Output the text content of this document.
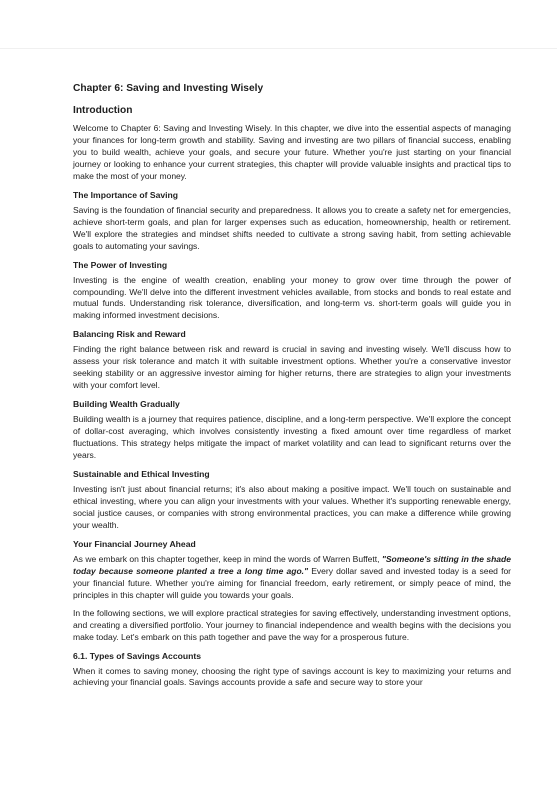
Chapter 6: Saving and Investing Wisely
Introduction

Welcome to Chapter 6: Saving and Investing Wisely. In this chapter, we dive into the essential aspects of managing your finances for long-term growth and stability. Saving and investing are two pillars of financial success, enabling you to build wealth, achieve your goals, and secure your future. Whether you're just starting on your financial journey or looking to enhance your current strategies, this chapter will provide valuable insights and practical tips to make the most of your money.

The Importance of Saving

Saving is the foundation of financial security and preparedness. It allows you to create a safety net for emergencies, achieve short-term goals, and plan for larger expenses such as education, homeownership, health or retirement. We'll explore the strategies and mindset shifts needed to cultivate a strong saving habit, from setting achievable goals to automating your savings.

The Power of Investing

Investing is the engine of wealth creation, enabling your money to grow over time through the power of compounding. We'll delve into the different investment vehicles available, from stocks and bonds to real estate and mutual funds. Understanding risk tolerance, diversification, and long-term vs. short-term goals will guide you in making informed investment decisions.

Balancing Risk and Reward

Finding the right balance between risk and reward is crucial in saving and investing wisely. We'll discuss how to assess your risk tolerance and match it with suitable investment options. Whether you're a conservative investor seeking stability or an aggressive investor aiming for higher returns, there are strategies to align your investments with your comfort level.

Building Wealth Gradually

Building wealth is a journey that requires patience, discipline, and a long-term perspective. We'll explore the concept of dollar-cost averaging, which involves consistently investing a fixed amount over time regardless of market fluctuations. This strategy helps mitigate the impact of market volatility and can lead to significant returns over the years.

Sustainable and Ethical Investing

Investing isn't just about financial returns; it's also about making a positive impact. We'll touch on sustainable and ethical investing, where you can align your investments with your values. Whether it's supporting renewable energy, social justice causes, or companies with strong environmental practices, you can make a difference while growing your wealth.

Your Financial Journey Ahead

As we embark on this chapter together, keep in mind the words of Warren Buffett, "Someone's sitting in the shade today because someone planted a tree a long time ago." Every dollar saved and invested today is a seed for your financial future. Whether you're aiming for financial freedom, early retirement, or simply peace of mind, the principles in this chapter will guide you towards your goals.

In the following sections, we will explore practical strategies for saving effectively, understanding investment options, and creating a diversified portfolio. Your journey to financial independence and wealth begins with the decisions you make today. Let's embark on this path together and pave the way for a prosperous future.

6.1. Types of Savings Accounts

When it comes to saving money, choosing the right type of savings account is key to maximizing your returns and achieving your financial goals. Savings accounts provide a safe and secure way to store your
